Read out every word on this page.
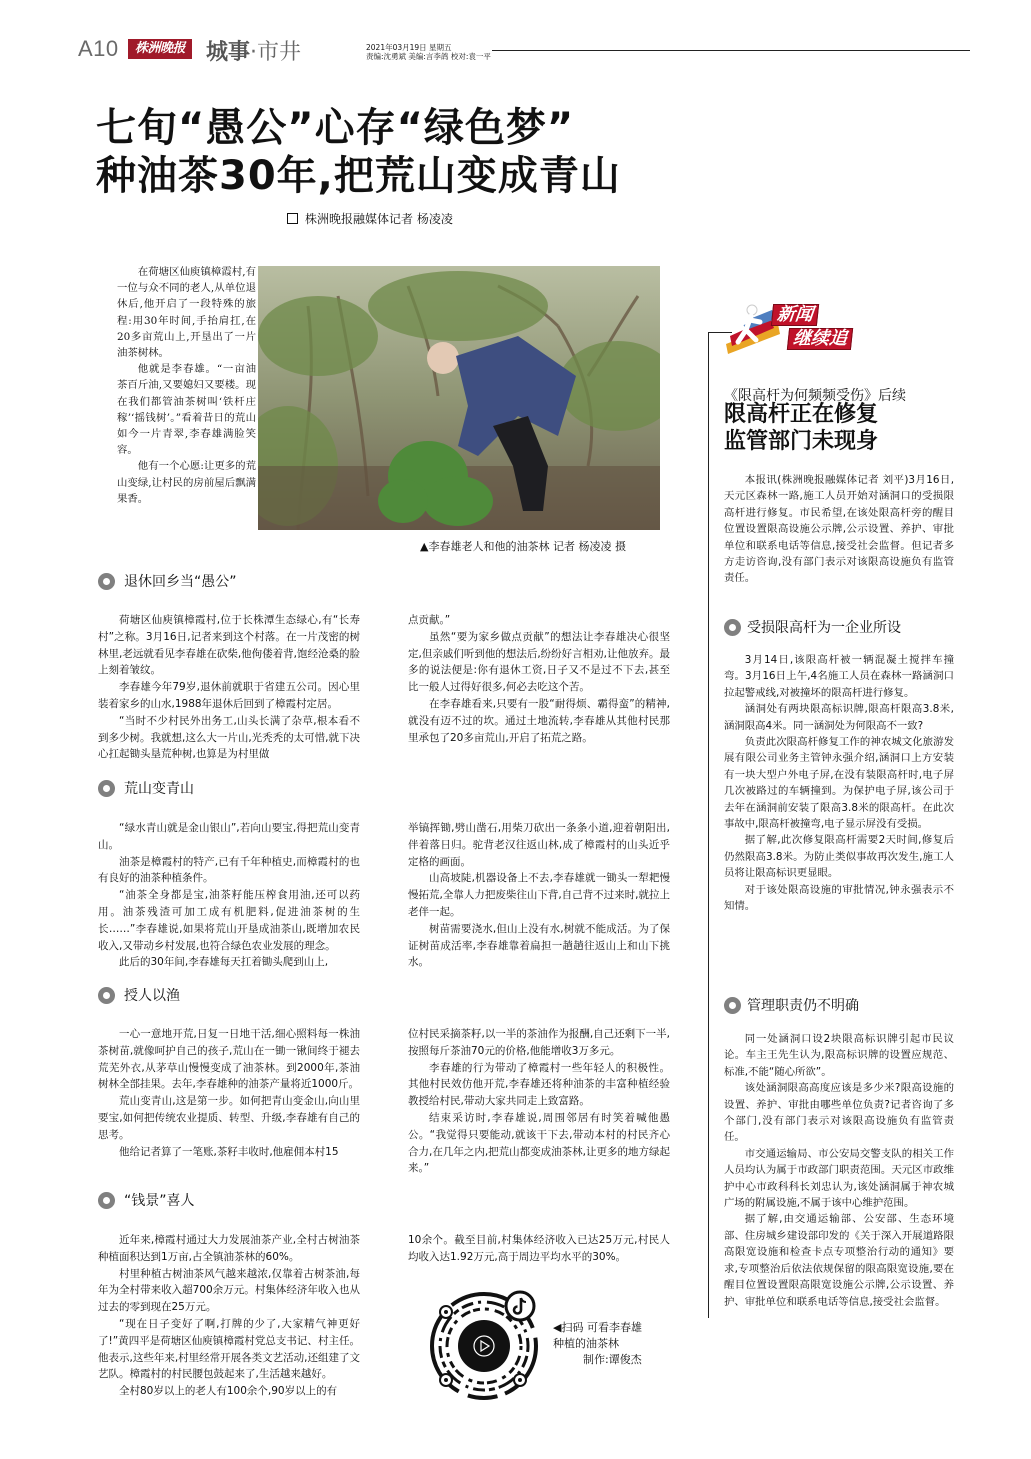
A10	株洲晚报 城事·市井	2021年03月19日 星期五
责编:沈勇斌 美编:言李鸽 校对:袁一平
七旬“愚公”心存“绿色梦”
种油茶30年,把荒山变成青山
株洲晚报融媒体记者 杨凌凌

在荷塘区仙庾镇樟霞村,有一位与众不同的老人,从单位退休后,他开启了一段特殊的旅程:用30年时间,手抬肩扛,在20多亩荒山上,开垦出了一片油茶树林。

他就是李春雄。“一亩油茶百斤油,又要媳妇又要楼。现在我们都管油茶树叫‘铁杆庄稼’‘摇钱树’。”看着昔日的荒山如今一片青翠,李春雄满脸笑容。

他有一个心愿:让更多的荒山变绿,让村民的房前屋后飘满果香。

▲李春雄老人和他的油茶林 记者 杨凌凌 摄
退休回乡当“愚公”

荷塘区仙庾镇樟霞村,位于长株潭生态绿心,有“长寿村”之称。3月16日,记者来到这个村落。在一片茂密的树林里,老远就看见李春雄在砍柴,他佝偻着背,饱经沧桑的脸上刻着皱纹。

李春雄今年79岁,退休前就职于省建五公司。因心里装着家乡的山水,1988年退休后回到了樟霞村定居。

“当时不少村民外出务工,山头长满了杂草,根本看不到多少树。我就想,这么大一片山,光秃秃的太可惜,就下决心扛起锄头垦荒种树,也算是为村里做

点贡献。”

虽然“要为家乡做点贡献”的想法让李春雄决心很坚定,但亲戚们听到他的想法后,纷纷好言相劝,让他放弃。最多的说法便是:你有退休工资,日子又不是过不下去,甚至比一般人过得好很多,何必去吃这个苦。

在李春雄看来,只要有一股“耐得烦、霸得蛮”的精神,就没有迈不过的坎。通过土地流转,李春雄从其他村民那里承包了20多亩荒山,开启了拓荒之路。

荒山变青山

“绿水青山就是金山银山”,若向山要宝,得把荒山变青山。

油茶是樟霞村的特产,已有千年种植史,而樟霞村的也有良好的油茶种植条件。

“油茶全身都是宝,油茶籽能压榨食用油,还可以药用。油茶残渣可加工成有机肥料,促进油茶树的生长……”李春雄说,如果将荒山开垦成油茶山,既增加农民收入,又带动乡村发展,也符合绿色农业发展的理念。

此后的30年间,李春雄每天扛着锄头爬到山上,

举镐挥锄,劈山凿石,用柴刀砍出一条条小道,迎着朝阳出,伴着落日归。驼背老汉往返山林,成了樟霞村的山头近乎定格的画面。

山高坡陡,机器设备上不去,李春雄就一锄头一犁耙慢慢拓荒,全靠人力把废柴往山下背,自己背不过来时,就拉上老伴一起。

树苗需要浇水,但山上没有水,树就不能成活。为了保证树苗成活率,李春雄靠着扁担一趟趟往返山上和山下挑水。

授人以渔

一心一意地开荒,日复一日地干活,细心照料每一株油茶树苗,就像呵护自己的孩子,荒山在一锄一锹间终于褪去荒芜外衣,从茅草山慢慢变成了油茶林。到2000年,茶油树林全部挂果。去年,李春雄种的油茶产量将近1000斤。

荒山变青山,这是第一步。如何把青山变金山,向山里要宝,如何把传统农业提质、转型、升级,李春雄有自己的思考。

他给记者算了一笔账,茶籽丰收时,他雇佣本村15

位村民采摘茶籽,以一半的茶油作为报酬,自己还剩下一半,按照每斤茶油70元的价格,他能增收3万多元。

李春雄的行为带动了樟霞村一些年轻人的积极性。其他村民效仿他开荒,李春雄还将种油茶的丰富种植经验教授给村民,带动大家共同走上致富路。

结束采访时,李春雄说,周围邻居有时笑着喊他愚公。“我觉得只要能动,就该干下去,带动本村的村民齐心合力,在几年之内,把荒山都变成油茶林,让更多的地方绿起来。”

“钱景”喜人

近年来,樟霞村通过大力发展油茶产业,全村古树油茶种植面积达到1万亩,占全镇油茶林的60%。

村里种植古树油茶风气越来越浓,仅靠着古树茶油,每年为全村带来收入超700余万元。村集体经济年收入也从过去的零到现在25万元。

“现在日子变好了啊,打牌的少了,大家精气神更好了!”黄四平是荷塘区仙庾镇樟霞村党总支书记、村主任。他表示,这些年来,村里经常开展各类文艺活动,还组建了文艺队。樟霞村的村民腰包鼓起来了,生活越来越好。

全村80岁以上的老人有100余个,90岁以上的有

10余个。截至目前,村集体经济收入已达25万元,村民人均收入达1.92万元,高于周边平均水平的30%。

◀扫码 可看李春雄
种植的油茶林
制作:谭俊杰
新闻
继续追
《限高杆为何频频受伤》后续
限高杆正在修复
监管部门未现身

本报讯(株洲晚报融媒体记者 刘平)3月16日,天元区森林一路,施工人员开始对涵洞口的受损限高杆进行修复。市民希望,在该处限高杆旁的醒目位置设置限高设施公示牌,公示设置、养护、审批单位和联系电话等信息,接受社会监督。但记者多方走访咨询,没有部门表示对该限高设施负有监管责任。

受损限高杆为一企业所设

3月14日,该限高杆被一辆混凝土搅拌车撞弯。3月16日上午,4名施工人员在森林一路涵洞口拉起警戒线,对被撞坏的限高杆进行修复。

涵洞处有两块限高标识牌,限高杆限高3.8米,涵洞限高4米。同一涵洞处为何限高不一致?

负责此次限高杆修复工作的神农城文化旅游发展有限公司业务主管钟永强介绍,涵洞口上方安装有一块大型户外电子屏,在没有装限高杆时,电子屏几次被路过的车辆撞到。为保护电子屏,该公司于去年在涵洞前安装了限高3.8米的限高杆。在此次事故中,限高杆被撞弯,电子显示屏没有受损。

据了解,此次修复限高杆需要2天时间,修复后仍然限高3.8米。为防止类似事故再次发生,施工人员将让限高标识更显眼。

对于该处限高设施的审批情况,钟永强表示不知情。

管理职责仍不明确

同一处涵洞口设2块限高标识牌引起市民议论。车主王先生认为,限高标识牌的设置应规范、标准,不能“随心所欲”。

该处涵洞限高高度应该是多少米?限高设施的设置、养护、审批由哪些单位负责?记者咨询了多个部门,没有部门表示对该限高设施负有监管责任。

市交通运输局、市公安局交警支队的相关工作人员均认为属于市政部门职责范围。天元区市政维护中心市政科科长刘忠认为,该处涵洞属于神农城广场的附属设施,不属于该中心维护范围。

据了解,由交通运输部、公安部、生态环境部、住房城乡建设部印发的《关于深入开展道路限高限宽设施和检查卡点专项整治行动的通知》要求,专项整治后依法依规保留的限高限宽设施,要在醒目位置设置限高限宽设施公示牌,公示设置、养护、审批单位和联系电话等信息,接受社会监督。
